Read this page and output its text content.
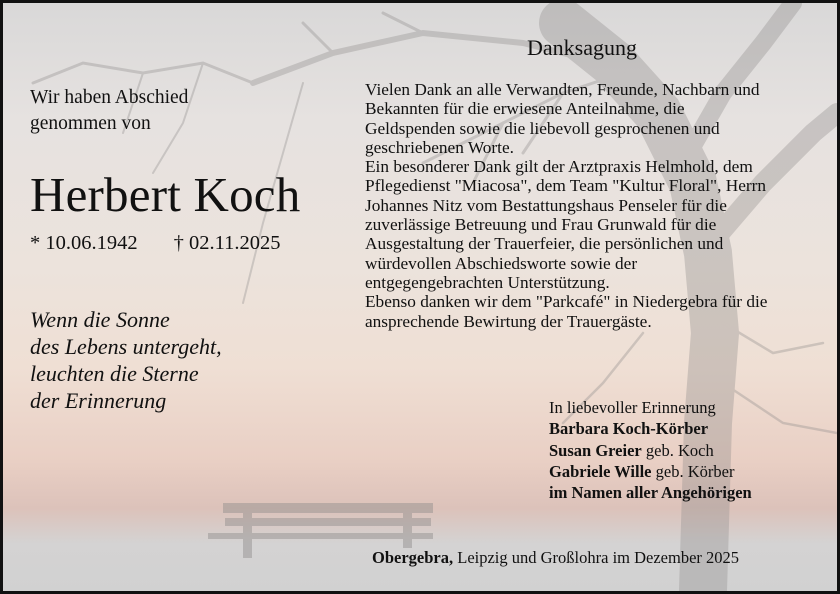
Wir haben Abschied
genommen von
Herbert Koch
* 10.06.1942 † 02.11.2025
Wenn die Sonne
des Lebens untergeht,
leuchten die Sterne
der Erinnerung
Danksagung
Vielen Dank an alle Verwandten, Freunde, Nachbarn und
Bekannten für die erwiesene Anteilnahme, die
Geldspenden sowie die liebevoll gesprochenen und
geschriebenen Worte.
Ein besonderer Dank gilt der Arztpraxis Helmhold, dem
Pflegedienst "Miacosa", dem Team "Kultur Floral", Herrn
Johannes Nitz vom Bestattungshaus Penseler für die
zuverlässige Betreuung und Frau Grunwald für die
Ausgestaltung der Trauerfeier, die persönlichen und
würdevollen Abschiedsworte sowie der
entgegengebrachten Unterstützung.
Ebenso danken wir dem "Parkcafé" in Niedergebra für die
ansprechende Bewirtung der Trauergäste.
In liebevoller Erinnerung
Barbara Koch-Körber
Susan Greier geb. Koch
Gabriele Wille geb. Körber
im Namen aller Angehörigen
Obergebra, Leipzig und Großlohra im Dezember 2025
